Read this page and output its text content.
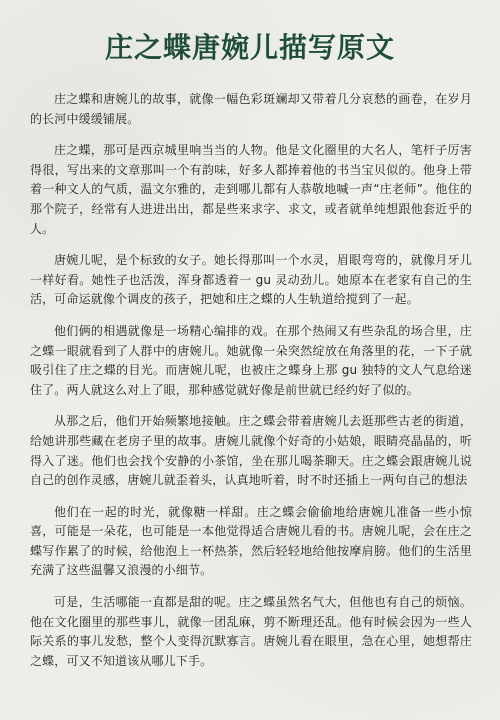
庄之蝶唐婉儿描写原文

庄之蝶和唐婉儿的故事，就像一幅色彩斑斓却又带着几分哀愁的画卷，在岁月的长河中缓缓铺展。

庄之蝶，那可是西京城里响当当的人物。他是文化圈里的大名人，笔杆子厉害得很，写出来的文章那叫一个有韵味，好多人都捧着他的书当宝贝似的。他身上带着一种文人的气质，温文尔雅的，走到哪儿都有人恭敬地喊一声“庄老师”。他住的那个院子，经常有人进进出出，都是些来求字、求文，或者就单纯想跟他套近乎的人。

唐婉儿呢，是个标致的女子。她长得那叫一个水灵，眉眼弯弯的，就像月牙儿一样好看。她性子也活泼，浑身都透着一 gu 灵动劲儿。她原本在老家有自己的生活，可命运就像个调皮的孩子，把她和庄之蝶的人生轨道给搅到了一起。

他们俩的相遇就像是一场精心编排的戏。在那个热闹又有些杂乱的场合里，庄之蝶一眼就看到了人群中的唐婉儿。她就像一朵突然绽放在角落里的花，一下子就吸引住了庄之蝶的目光。而唐婉儿呢，也被庄之蝶身上那 gu 独特的文人气息给迷住了。两人就这么对上了眼，那种感觉就好像是前世就已经约好了似的。

从那之后，他们开始频繁地接触。庄之蝶会带着唐婉儿去逛那些古老的街道，给她讲那些藏在老房子里的故事。唐婉儿就像个好奇的小姑娘，眼睛亮晶晶的，听得入了迷。他们也会找个安静的小茶馆，坐在那儿喝茶聊天。庄之蝶会跟唐婉儿说自己的创作灵感，唐婉儿就歪着头，认真地听着，时不时还插上一两句自己的想法

他们在一起的时光，就像糖一样甜。庄之蝶会偷偷地给唐婉儿准备一些小惊喜，可能是一朵花，也可能是一本他觉得适合唐婉儿看的书。唐婉儿呢，会在庄之蝶写作累了的时候，给他泡上一杯热茶，然后轻轻地给他按摩肩膀。他们的生活里充满了这些温馨又浪漫的小细节。

可是，生活哪能一直都是甜的呢。庄之蝶虽然名气大，但他也有自己的烦恼。他在文化圈里的那些事儿，就像一团乱麻，剪不断理还乱。他有时候会因为一些人际关系的事儿发愁，整个人变得沉默寡言。唐婉儿看在眼里，急在心里，她想帮庄之蝶，可又不知道该从哪儿下手。
